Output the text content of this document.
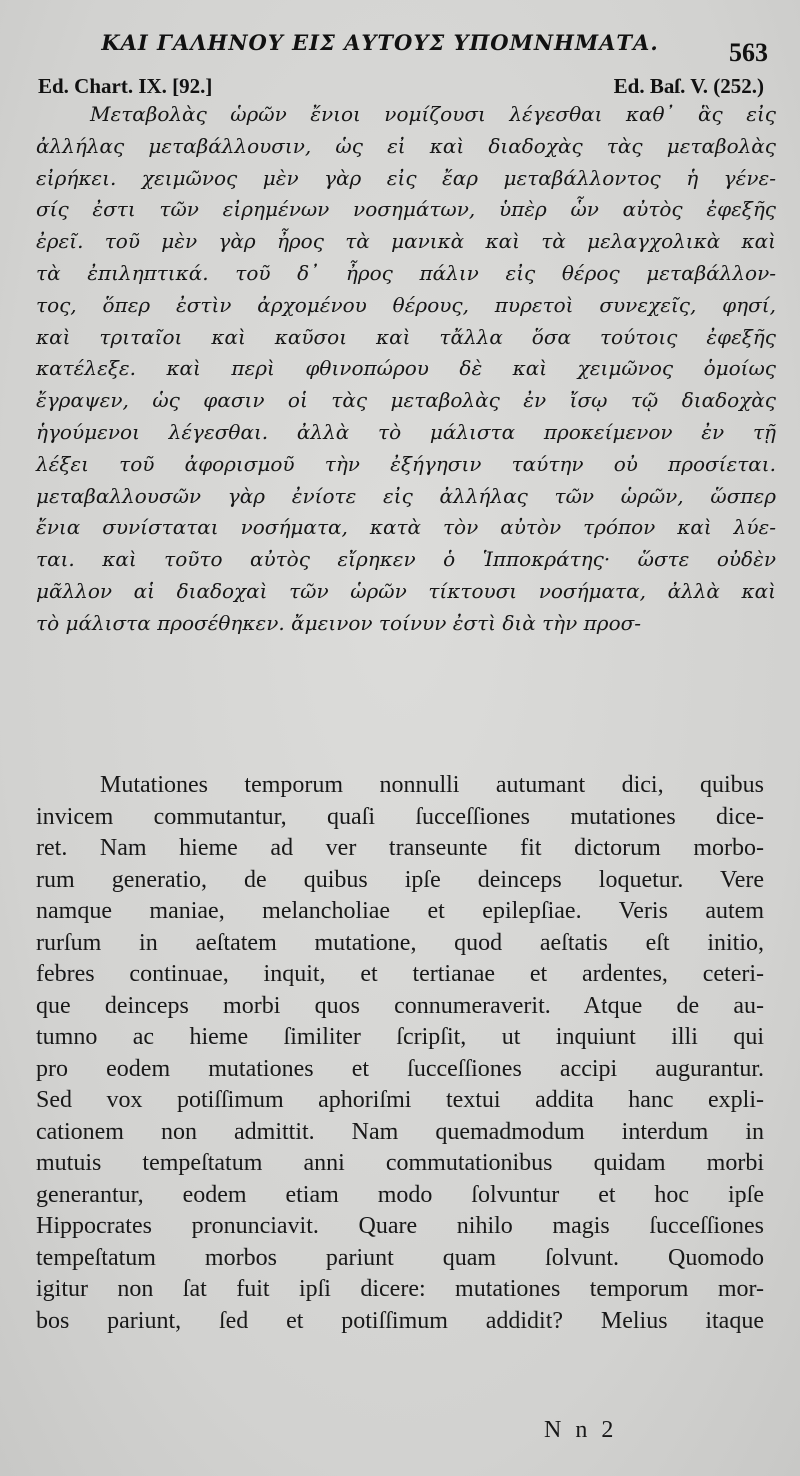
ΚΑΙ ΓΑΛΗΝΟΥ ΕΙΣ ΑΥΤΟΥΣ ΥΠΟΜΝΗΜΑΤΑ.	563
Ed. Chart. IX. [92.]	Ed. Baſ. V. (252.)
Μεταβολὰς ὡρῶν ἔνιοι νομίζουσι λέγεσθαι καθ᾽ ἃς εἰς
ἀλλήλας μεταβάλλουσιν, ὡς εἰ καὶ διαδοχὰς τὰς μεταβολὰς
εἰρήκει. χειμῶνος μὲν γὰρ εἰς ἔαρ μεταβάλλοντος ἡ γένε-
σίς ἐστι τῶν εἰρημένων νοσημάτων, ὑπὲρ ὧν αὐτὸς ἐφεξῆς
ἐρεῖ. τοῦ μὲν γὰρ ἦρος τὰ μανικὰ καὶ τὰ μελαγχολικὰ καὶ
τὰ ἐπιληπτικά. τοῦ δ᾽ ἦρος πάλιν εἰς θέρος μεταβάλλον-
τος, ὅπερ ἐστὶν ἀρχομένου θέρους, πυρετοὶ συνεχεῖς, φησί,
καὶ τριταῖοι καὶ καῦσοι καὶ τἄλλα ὅσα τούτοις ἐφεξῆς
κατέλεξε. καὶ περὶ φθινοπώρου δὲ καὶ χειμῶνος ὁμοίως
ἔγραψεν, ὡς φασιν οἱ τὰς μεταβολὰς ἐν ἴσῳ τῷ διαδοχὰς
ἡγούμενοι λέγεσθαι. ἀλλὰ τὸ μάλιστα προκείμενον ἐν τῇ
λέξει τοῦ ἀφορισμοῦ τὴν ἐξήγησιν ταύτην οὐ προσίεται.
μεταβαλλουσῶν γὰρ ἐνίοτε εἰς ἀλλήλας τῶν ὡρῶν, ὥσπερ
ἔνια συνίσταται νοσήματα, κατὰ τὸν αὐτὸν τρόπον καὶ λύε-
ται. καὶ τοῦτο αὐτὸς εἴρηκεν ὁ Ἱπποκράτης· ὥστε οὐδὲν
μᾶλλον αἱ διαδοχαὶ τῶν ὡρῶν τίκτουσι νοσήματα, ἀλλὰ καὶ
τὸ μάλιστα προσέθηκεν. ἄμεινον τοίνυν ἐστὶ διὰ τὴν προσ-
Mutationes temporum nonnulli autumant dici, quibus
invicem commutantur, quaſi ſucceſſiones mutationes dice-
ret. Nam hieme ad ver transeunte fit dictorum morbo-
rum generatio, de quibus ipſe deinceps loquetur. Vere
namque maniae, melancholiae et epilepſiae. Veris autem
rurſum in aeſtatem mutatione, quod aeſtatis eſt initio,
febres continuae, inquit, et tertianae et ardentes, ceteri-
que deinceps morbi quos connumeraverit. Atque de au-
tumno ac hieme ſimiliter ſcripſit, ut inquiunt illi qui
pro eodem mutationes et ſucceſſiones accipi augurantur.
Sed vox potiſſimum aphoriſmi textui addita hanc expli-
cationem non admittit. Nam quemadmodum interdum in
mutuis tempeſtatum anni commutationibus quidam morbi
generantur, eodem etiam modo ſolvuntur et hoc ipſe
Hippocrates pronunciavit. Quare nihilo magis ſucceſſiones
tempeſtatum morbos pariunt quam ſolvunt. Quomodo
igitur non ſat fuit ipſi dicere: mutationes temporum mor-
bos pariunt, ſed et potiſſimum addidit? Melius itaque
N n 2
